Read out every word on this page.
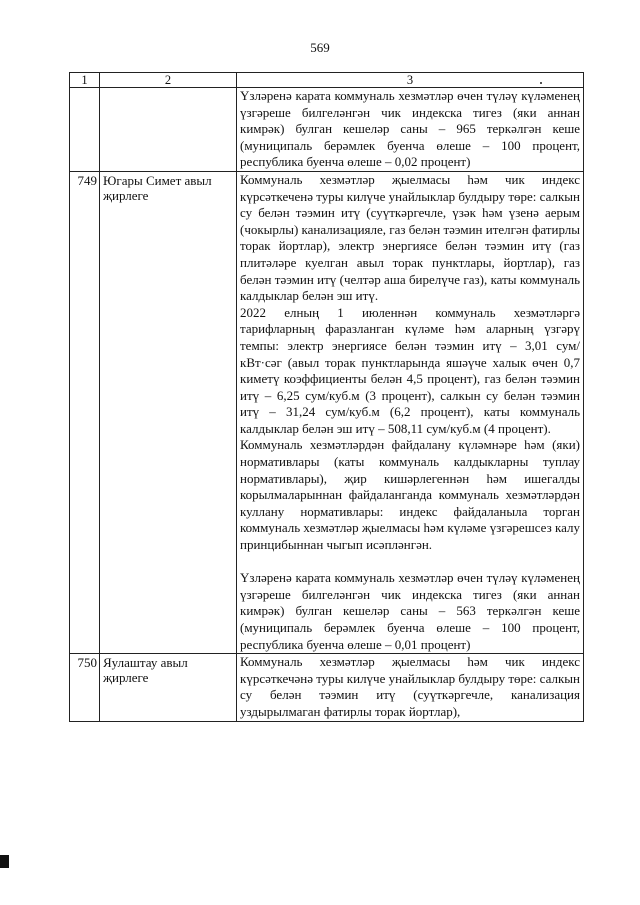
569
1	2	3

		Үзләренә карата коммуналь хезмәтләр өчен түләү күләменең үзгәреше билгеләнгән чик индекска тигез (яки аннан кимрәк) булган кешеләр саны – 965 теркәлгән кеше (муниципаль берәмлек буенча өлеше – 100 процент, республика буенча өлеше – 0,02 процент)

749	Югары Симет авыл җирлеге	Коммуналь хезмәтләр җыелмасы һәм чик индекс күрсәткеченә туры килүче унайлыклар булдыру төре: салкын су белән тәэмин итү (суүткәргечле, үзәк һәм үзенә аерым (чокырлы) канализацияле, газ белән тәэмин ителгән фатирлы торак йортлар), электр энергиясе белән тәэмин итү (газ плитәләре куелган авыл торак пунктлары, йортлар), газ белән тәэмин итү (челтәр аша бирелүче газ), каты коммуналь калдыклар белән эш итү.

2022 елның 1 июленнән коммуналь хезмәтләргә тарифларның фаразланган күләме һәм аларның үзгәрү темпы: электр энергиясе белән тәэмин итү – 3,01 сум/кВт·сәг (авыл торак пунктларында яшәүче халык өчен 0,7 киметү коэффициенты белән 4,5 процент), газ белән тәэмин итү – 6,25 сум/куб.м (3 процент), салкын су белән тәэмин итү – 31,24 сум/куб.м (6,2 процент), каты коммуналь калдыклар белән эш итү – 508,11 сум/куб.м (4 процент).

Коммуналь хезмәтләрдән файдалану күләмнәре һәм (яки) нормативлары (каты коммуналь калдыкларны туплау нормативлары), җир кишәрлегеннән һәм ишегалды корылмаларыннан файдаланганда коммуналь хезмәтләрдән куллану нормативлары: индекс файдаланыла торган коммуналь хезмәтләр җыелмасы һәм күләме үзгәрешсез калу принцибыннан чыгып исәпләнгән.

Үзләренә карата коммуналь хезмәтләр өчен түләү күләменең үзгәреше билгеләнгән чик индекска тигез (яки аннан кимрәк) булган кешеләр саны – 563 теркәлгән кеше (муниципаль берәмлек буенча өлеше – 100 процент, республика буенча өлеше – 0,01 процент)

750	Яулаштау авыл җирлеге	Коммуналь хезмәтләр җыелмасы һәм чик индекс күрсәткечәнә туры килүче унайлыклар булдыру төре: салкын су белән тәэмин итү (суүткәргечле, канализация уздырылмаган фатирлы торак йортлар),
